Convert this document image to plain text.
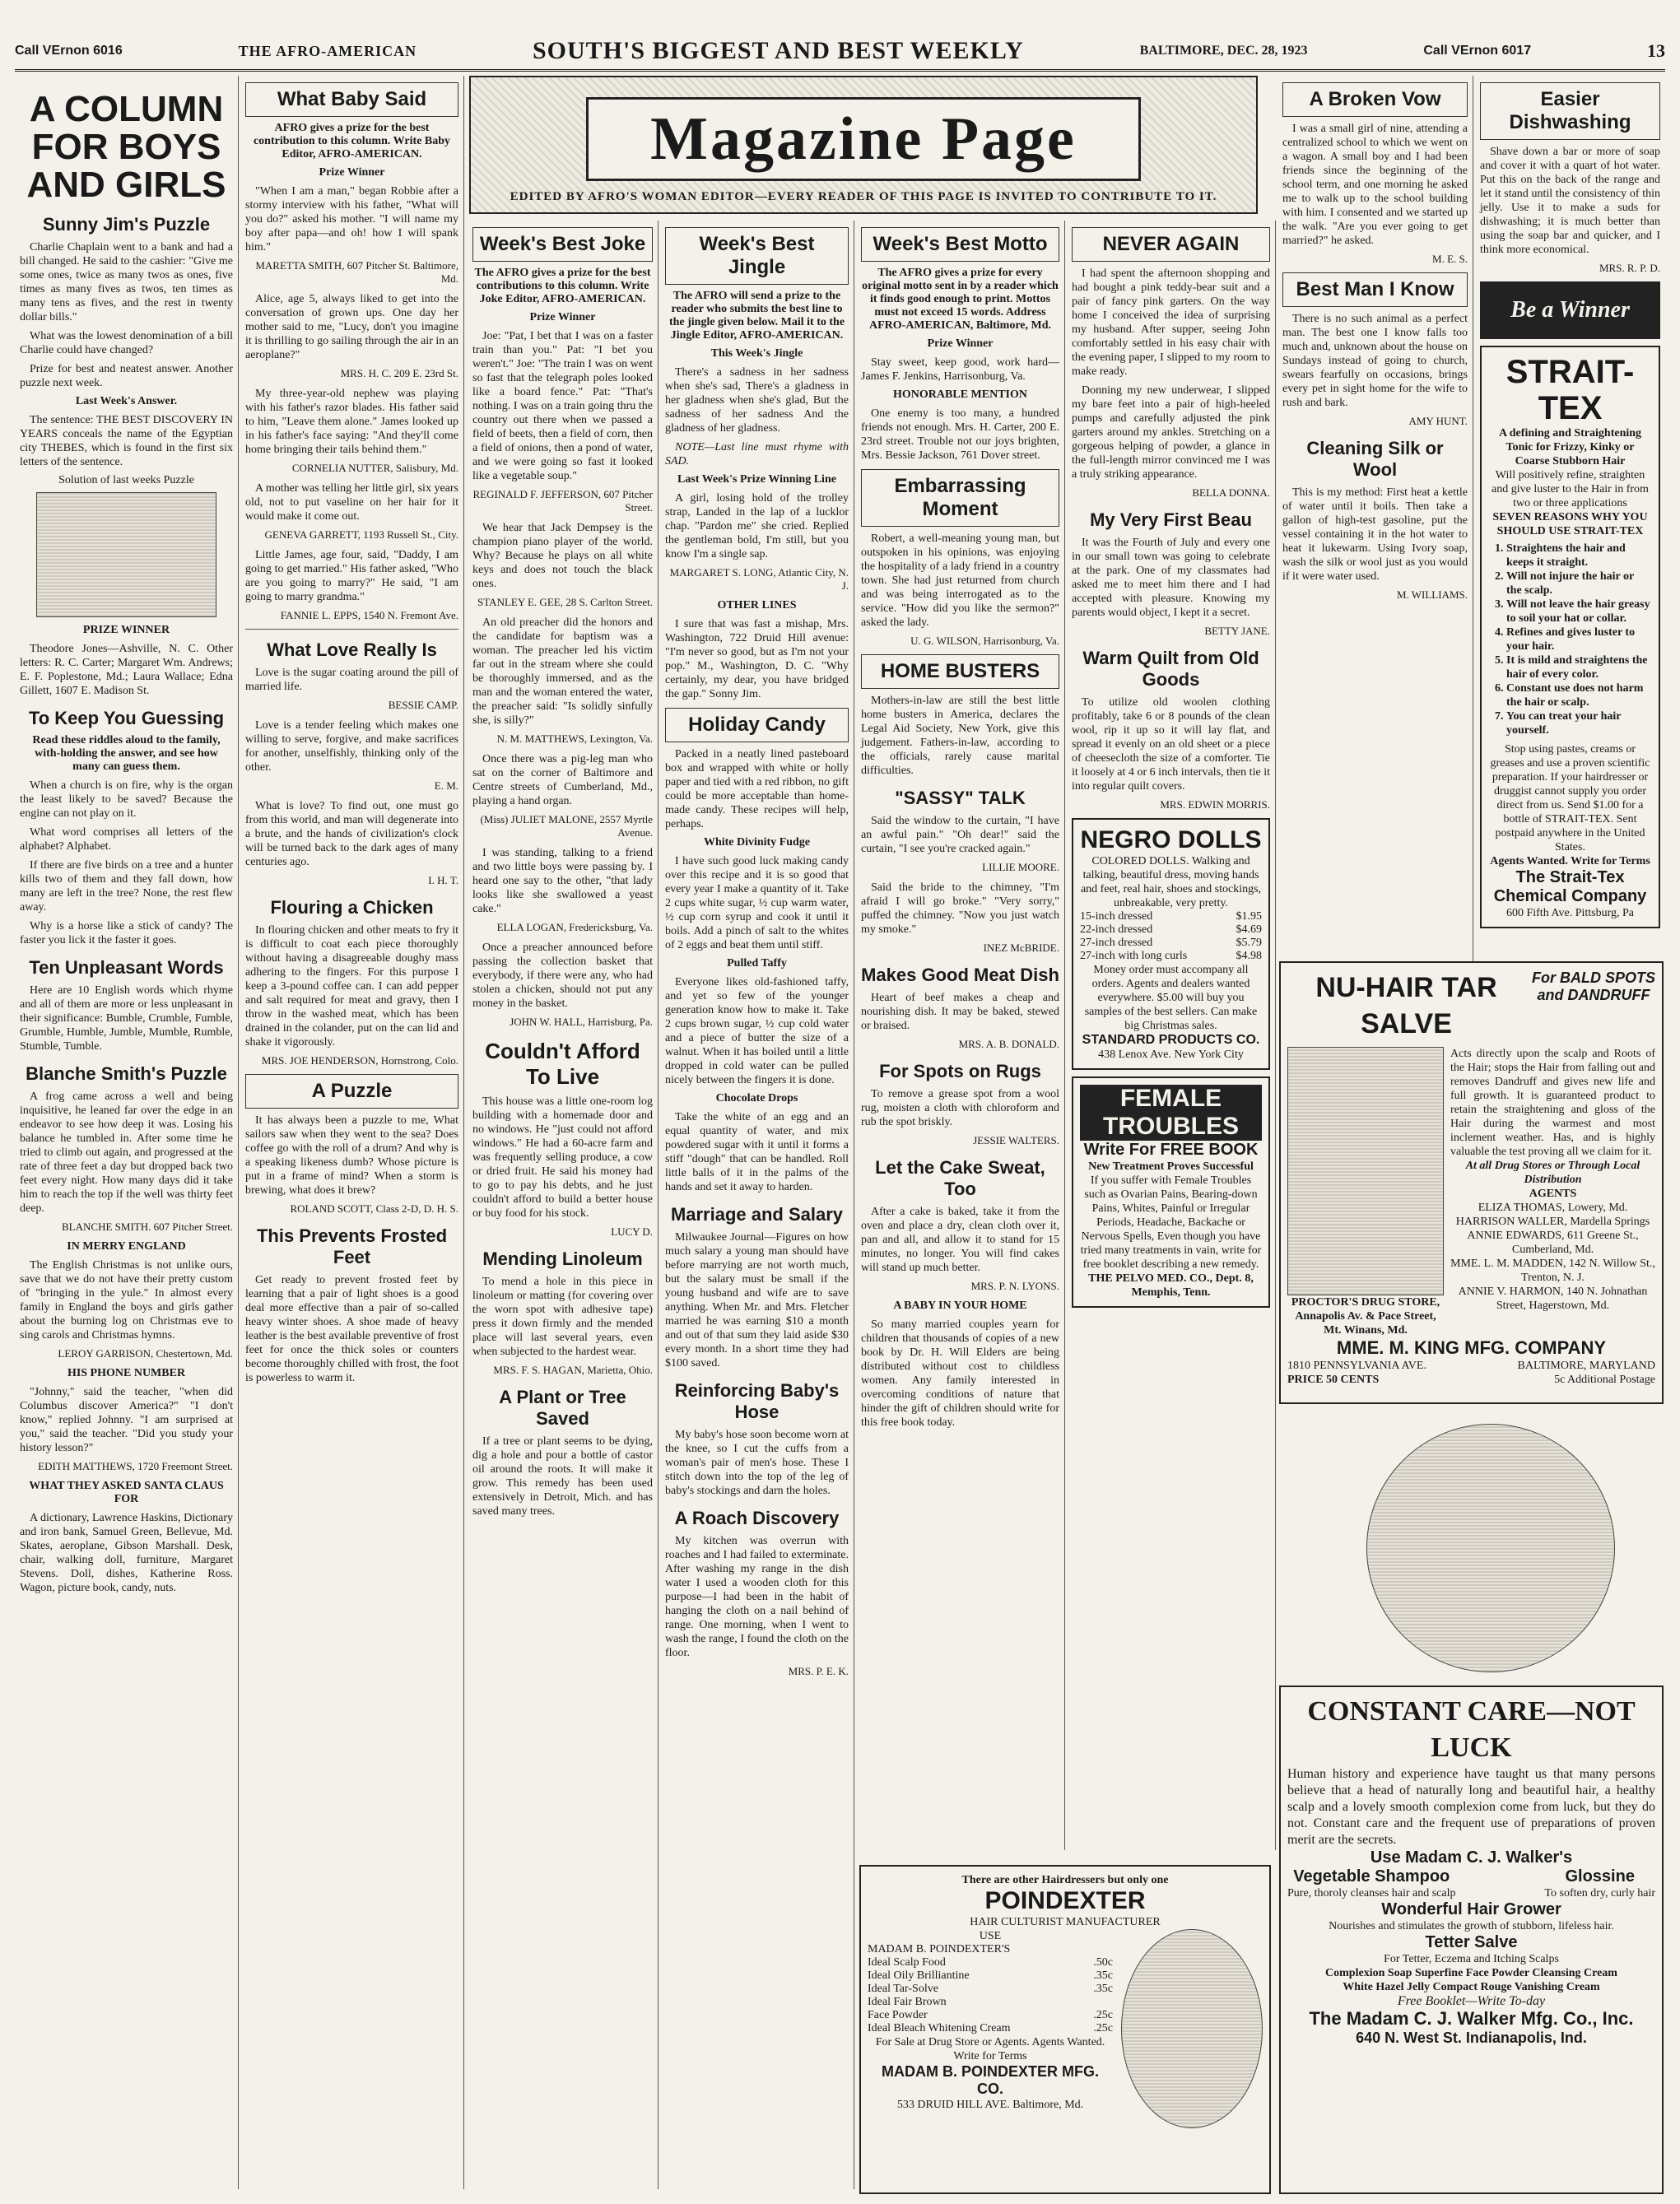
Call VErnon 6016	THE AFRO-AMERICAN	SOUTH'S BIGGEST AND BEST WEEKLY	BALTIMORE, DEC. 28, 1923	Call VErnon 6017	13
Magazine Page
EDITED BY AFRO'S WOMAN EDITOR—EVERY READER OF THIS PAGE IS INVITED TO CONTRIBUTE TO IT.
A COLUMN FOR BOYS AND GIRLS
Sunny Jim's Puzzle

Charlie Chaplain went to a bank and had a bill changed. He said to the cashier: "Give me some ones, twice as many twos as ones, five times as many fives as twos, ten times as many tens as fives, and the rest in twenty dollar bills."

What was the lowest denomination of a bill Charlie could have changed?

Prize for best and neatest answer. Another puzzle next week.

Last Week's Answer.

The sentence: THE BEST DISCOVERY IN YEARS conceals the name of the Egyptian city THEBES, which is found in the first six letters of the sentence.

Solution of last weeks Puzzle
PRIZE WINNER

Theodore Jones—Ashville, N. C. Other letters: R. C. Carter; Margaret Wm. Andrews; E. F. Poplestone, Md.; Laura Wallace; Edna Gillett, 1607 E. Madison St.

To Keep You Guessing
Read these riddles aloud to the family, with-holding the answer, and see how many can guess them.

When a church is on fire, why is the organ the least likely to be saved? Because the engine can not play on it.

What word comprises all letters of the alphabet? Alphabet.

If there are five birds on a tree and a hunter kills two of them and they fall down, how many are left in the tree? None, the rest flew away.

Why is a horse like a stick of candy? The faster you lick it the faster it goes.

Ten Unpleasant Words

Here are 10 English words which rhyme and all of them are more or less unpleasant in their significance: Bumble, Crumble, Fumble, Grumble, Humble, Jumble, Mumble, Rumble, Stumble, Tumble.

Blanche Smith's Puzzle

A frog came across a well and being inquisitive, he leaned far over the edge in an endeavor to see how deep it was. Losing his balance he tumbled in. After some time he tried to climb out again, and progressed at the rate of three feet a day but dropped back two feet every night. How many days did it take him to reach the top if the well was thirty feet deep.

BLANCHE SMITH. 607 Pitcher Street.
IN MERRY ENGLAND

The English Christmas is not unlike ours, save that we do not have their pretty custom of "bringing in the yule." In almost every family in England the boys and girls gather about the burning log on Christmas eve to sing carols and Christmas hymns.

LEROY GARRISON, Chestertown, Md.
HIS PHONE NUMBER

"Johnny," said the teacher, "when did Columbus discover America?" "I don't know," replied Johnny. "I am surprised at you," said the teacher. "Did you study your history lesson?"

EDITH MATTHEWS, 1720 Freemont Street.
WHAT THEY ASKED SANTA CLAUS FOR

A dictionary, Lawrence Haskins, Dictionary and iron bank, Samuel Green, Bellevue, Md. Skates, aeroplane, Gibson Marshall. Desk, chair, walking doll, furniture, Margaret Stevens. Doll, dishes, Katherine Ross. Wagon, picture book, candy, nuts.

What Baby Said
AFRO gives a prize for the best contribution to this column. Write Baby Editor, AFRO-AMERICAN.
Prize Winner

"When I am a man," began Robbie after a stormy interview with his father, "What will you do?" asked his mother. "I will name my boy after papa—and oh! how I will spank him."

MARETTA SMITH, 607 Pitcher St. Baltimore, Md.

Alice, age 5, always liked to get into the conversation of grown ups. One day her mother said to me, "Lucy, don't you imagine it is thrilling to go sailing through the air in an aeroplane?"

MRS. H. C. 209 E. 23rd St.

My three-year-old nephew was playing with his father's razor blades. His father said to him, "Leave them alone." James looked up in his father's face saying: "And they'll come home bringing their tails behind them."

CORNELIA NUTTER, Salisbury, Md.

A mother was telling her little girl, six years old, not to put vaseline on her hair for it would make it come out.

GENEVA GARRETT, 1193 Russell St., City.

Little James, age four, said, "Daddy, I am going to get married." His father asked, "Who are you going to marry?" He said, "I am going to marry grandma."

FANNIE L. EPPS, 1540 N. Fremont Ave.
What Love Really Is

Love is the sugar coating around the pill of married life.

BESSIE CAMP.

Love is a tender feeling which makes one willing to serve, forgive, and make sacrifices for another, unselfishly, thinking only of the other.

E. M.

What is love? To find out, one must go from this world, and man will degenerate into a brute, and the hands of civilization's clock will be turned back to the dark ages of many centuries ago.

I. H. T.
Flouring a Chicken

In flouring chicken and other meats to fry it is difficult to coat each piece thoroughly without having a disagreeable doughy mass adhering to the fingers. For this purpose I keep a 3-pound coffee can. I can add pepper and salt required for meat and gravy, then I throw in the washed meat, which has been drained in the colander, put on the can lid and shake it vigorously.

MRS. JOE HENDERSON, Hornstrong, Colo.
A Puzzle

It has always been a puzzle to me, What sailors saw when they went to the sea? Does coffee go with the roll of a drum? And why is a speaking likeness dumb? Whose picture is put in a frame of mind? When a storm is brewing, what does it brew?

ROLAND SCOTT, Class 2-D, D. H. S.
This Prevents Frosted Feet

Get ready to prevent frosted feet by learning that a pair of light shoes is a good deal more effective than a pair of so-called heavy winter shoes. A shoe made of heavy leather is the best available preventive of frost feet for once the thick soles or counters become thoroughly chilled with frost, the foot is powerless to warm it.

Week's Best Joke
The AFRO gives a prize for the best contributions to this column. Write Joke Editor, AFRO-AMERICAN.
Prize Winner

Joe: "Pat, I bet that I was on a faster train than you." Pat: "I bet you weren't." Joe: "The train I was on went so fast that the telegraph poles looked like a board fence." Pat: "That's nothing. I was on a train going thru the country out there when we passed a field of beets, then a field of corn, then a field of onions, then a pond of water, and we were going so fast it looked like a vegetable soup."

REGINALD F. JEFFERSON, 607 Pitcher Street.

We hear that Jack Dempsey is the champion piano player of the world. Why? Because he plays on all white keys and does not touch the black ones.

STANLEY E. GEE, 28 S. Carlton Street.

An old preacher did the honors and the candidate for baptism was a woman. The preacher led his victim far out in the stream where she could be thoroughly immersed, and as the man and the woman entered the water, the preacher said: "Is solidly sinfully she, is silly?"

N. M. MATTHEWS, Lexington, Va.

Once there was a pig-leg man who sat on the corner of Baltimore and Centre streets of Cumberland, Md., playing a hand organ.

(Miss) JULIET MALONE, 2557 Myrtle Avenue.

I was standing, talking to a friend and two little boys were passing by. I heard one say to the other, "that lady looks like she swallowed a yeast cake."

ELLA LOGAN, Fredericksburg, Va.

Once a preacher announced before passing the collection basket that everybody, if there were any, who had stolen a chicken, should not put any money in the basket.

JOHN W. HALL, Harrisburg, Pa.
Couldn't Afford To Live

This house was a little one-room log building with a homemade door and no windows. He "just could not afford windows." He had a 60-acre farm and was frequently selling produce, a cow or dried fruit. He said his money had to go to pay his debts, and he just couldn't afford to build a better house or buy food for his stock.

LUCY D.
Mending Linoleum

To mend a hole in this piece in linoleum or matting (for covering over the worn spot with adhesive tape) press it down firmly and the mended place will last several years, even when subjected to the hardest wear.

MRS. F. S. HAGAN, Marietta, Ohio.
A Plant or Tree Saved

If a tree or plant seems to be dying, dig a hole and pour a bottle of castor oil around the roots. It will make it grow. This remedy has been used extensively in Detroit, Mich. and has saved many trees.

Week's Best Jingle
The AFRO will send a prize to the reader who submits the best line to the jingle given below. Mail it to the Jingle Editor, AFRO-AMERICAN.
This Week's Jingle

There's a sadness in her sadness when she's sad, There's a gladness in her gladness when she's glad, But the sadness of her sadness And the gladness of her gladness.

NOTE—Last line must rhyme with SAD.

Last Week's Prize Winning Line

A girl, losing hold of the trolley strap, Landed in the lap of a lucklor chap. "Pardon me" she cried. Replied the gentleman bold, I'm still, but you know I'm a single sap.

MARGARET S. LONG, Atlantic City, N. J.
OTHER LINES

I sure that was fast a mishap, Mrs. Washington, 722 Druid Hill avenue: "I'm never so good, but as I'm not your pop." M., Washington, D. C. "Why certainly, my dear, you have bridged the gap." Sonny Jim.

Holiday Candy

Packed in a neatly lined pasteboard box and wrapped with white or holly paper and tied with a red ribbon, no gift could be more acceptable than home-made candy. These recipes will help, perhaps.

White Divinity Fudge

I have such good luck making candy over this recipe and it is so good that every year I make a quantity of it. Take 2 cups white sugar, ½ cup warm water, ½ cup corn syrup and cook it until it boils. Add a pinch of salt to the whites of 2 eggs and beat them until stiff.

Pulled Taffy

Everyone likes old-fashioned taffy, and yet so few of the younger generation know how to make it. Take 2 cups brown sugar, ½ cup cold water and a piece of butter the size of a walnut. When it has boiled until a little dropped in cold water can be pulled nicely between the fingers it is done.

Chocolate Drops

Take the white of an egg and an equal quantity of water, and mix powdered sugar with it until it forms a stiff "dough" that can be handled. Roll little balls of it in the palms of the hands and set it away to harden.

Marriage and Salary

Milwaukee Journal—Figures on how much salary a young man should have before marrying are not worth much, but the salary must be small if the young husband and wife are to save anything. When Mr. and Mrs. Fletcher married he was earning $10 a month and out of that sum they laid aside $30 every month. In a short time they had $100 saved.

Reinforcing Baby's Hose

My baby's hose soon become worn at the knee, so I cut the cuffs from a woman's pair of men's hose. These I stitch down into the top of the leg of baby's stockings and darn the holes.

A Roach Discovery

My kitchen was overrun with roaches and I had failed to exterminate. After washing my range in the dish water I used a wooden cloth for this purpose—I had been in the habit of hanging the cloth on a nail behind of range. One morning, when I went to wash the range, I found the cloth on the floor.

MRS. P. E. K.
Week's Best Motto
The AFRO gives a prize for every original motto sent in by a reader which it finds good enough to print. Mottos must not exceed 15 words. Address AFRO-AMERICAN, Baltimore, Md.
Prize Winner

Stay sweet, keep good, work hard—James F. Jenkins, Harrisonburg, Va.

HONORABLE MENTION

One enemy is too many, a hundred friends not enough. Mrs. H. Carter, 200 E. 23rd street. Trouble not our joys brighten, Mrs. Bessie Jackson, 761 Dover street.

Embarrassing Moment

Robert, a well-meaning young man, but outspoken in his opinions, was enjoying the hospitality of a lady friend in a country town. She had just returned from church and was being interrogated as to the service. "How did you like the sermon?" asked the lady.

U. G. WILSON, Harrisonburg, Va.
HOME BUSTERS

Mothers-in-law are still the best little home busters in America, declares the Legal Aid Society, New York, give this judgement. Fathers-in-law, according to the officials, rarely cause marital difficulties.

"SASSY" TALK

Said the window to the curtain, "I have an awful pain." "Oh dear!" said the curtain, "I see you're cracked again."

LILLIE MOORE.

Said the bride to the chimney, "I'm afraid I will go broke." "Very sorry," puffed the chimney. "Now you just watch my smoke."

INEZ McBRIDE.
Makes Good Meat Dish

Heart of beef makes a cheap and nourishing dish. It may be baked, stewed or braised.

MRS. A. B. DONALD.
For Spots on Rugs

To remove a grease spot from a wool rug, moisten a cloth with chloroform and rub the spot briskly.

JESSIE WALTERS.
Let the Cake Sweat, Too

After a cake is baked, take it from the oven and place a dry, clean cloth over it, pan and all, and allow it to stand for 15 minutes, no longer. You will find cakes will stand up much better.

MRS. P. N. LYONS.
A BABY IN YOUR HOME

So many married couples yearn for children that thousands of copies of a new book by Dr. H. Will Elders are being distributed without cost to childless women. Any family interested in overcoming conditions of nature that hinder the gift of children should write for this free book today.

NEVER AGAIN

I had spent the afternoon shopping and had bought a pink teddy-bear suit and a pair of fancy pink garters. On the way home I conceived the idea of surprising my husband. After supper, seeing John comfortably settled in his easy chair with the evening paper, I slipped to my room to make ready.

Donning my new underwear, I slipped my bare feet into a pair of high-heeled pumps and carefully adjusted the pink garters around my ankles. Stretching on a gorgeous helping of powder, a glance in the full-length mirror convinced me I was a truly striking appearance.

BELLA DONNA.
My Very First Beau

It was the Fourth of July and every one in our small town was going to celebrate at the park. One of my classmates had asked me to meet him there and I had accepted with pleasure. Knowing my parents would object, I kept it a secret.

BETTY JANE.
Warm Quilt from Old Goods

To utilize old woolen clothing profitably, take 6 or 8 pounds of the clean wool, rip it up so it will lay flat, and spread it evenly on an old sheet or a piece of cheesecloth the size of a comforter. Tie it loosely at 4 or 6 inch intervals, then tie it into regular quilt covers.

MRS. EDWIN MORRIS.
NEGRO DOLLS
COLORED DOLLS. Walking and talking, beautiful dress, moving hands and feet, real hair, shoes and stockings, unbreakable, very pretty.
15-inch dressed	$1.95
22-inch dressed	$4.69
27-inch dressed	$5.79
27-inch with long curls	$4.98
Money order must accompany all orders. Agents and dealers wanted everywhere. $5.00 will buy you samples of the best sellers. Can make big Christmas sales.
STANDARD PRODUCTS CO.
438 Lenox Ave. New York City
FEMALE TROUBLES
Write For FREE BOOK
New Treatment Proves Successful
If you suffer with Female Troubles such as Ovarian Pains, Bearing-down Pains, Whites, Painful or Irregular Periods, Headache, Backache or Nervous Spells, Even though you have tried many treatments in vain, write for free booklet describing a new remedy.
THE PELVO MED. CO., Dept. 8, Memphis, Tenn.
A Broken Vow

I was a small girl of nine, attending a centralized school to which we went on a wagon. A small boy and I had been friends since the beginning of the school term, and one morning he asked me to walk up to the school building with him. I consented and we started up the walk. "Are you ever going to get married?" he asked.

M. E. S.
Best Man I Know

There is no such animal as a perfect man. The best one I know falls too much and, unknown about the house on Sundays instead of going to church, swears fearfully on occasions, brings every pet in sight home for the wife to rush and bark.

AMY HUNT.
Cleaning Silk or Wool

This is my method: First heat a kettle of water until it boils. Then take a gallon of high-test gasoline, put the vessel containing it in the hot water to heat it lukewarm. Using Ivory soap, wash the silk or wool just as you would if it were water used.

M. WILLIAMS.
There are other Hairdressers but only one
POINDEXTER
HAIR CULTURIST MANUFACTURER
USE
MADAM B. POINDEXTER'S
Ideal Scalp Food	.50c
Ideal Oily Brilliantine	.35c
Ideal Tar-Solve	.35c
Ideal Fair Brown
Face Powder	.25c
Ideal Bleach Whitening Cream	.25c
For Sale at Drug Store or Agents. Agents Wanted. Write for Terms
MADAM B. POINDEXTER MFG. CO.
533 DRUID HILL AVE. Baltimore, Md.
Easier Dishwashing

Shave down a bar or more of soap and cover it with a quart of hot water. Put this on the back of the range and let it stand until the consistency of thin jelly. Use it to make a suds for dishwashing; it is much better than using the soap bar and quicker, and I think more economical.

MRS. R. P. D.
Be a Winner
STRAIT-TEX
A defining and Straightening Tonic for Frizzy, Kinky or Coarse Stubborn Hair
Will positively refine, straighten and give luster to the Hair in from two or three applications
SEVEN REASONS WHY YOU SHOULD USE STRAIT-TEX
1. Straightens the hair and keeps it straight.
2. Will not injure the hair or the scalp.
3. Will not leave the hair greasy to soil your hat or collar.
4. Refines and gives luster to your hair.
5. It is mild and straightens the hair of every color.
6. Constant use does not harm the hair or scalp.
7. You can treat your hair yourself.
Stop using pastes, creams or greases and use a proven scientific preparation. If your hairdresser or druggist cannot supply you order direct from us. Send $1.00 for a bottle of STRAIT-TEX. Sent postpaid anywhere in the United States.
Agents Wanted. Write for Terms
The Strait-Tex Chemical Company
600 Fifth Ave. Pittsburg, Pa
NU-HAIR TAR SALVE
For BALD SPOTS and DANDRUFF
PROCTOR'S DRUG STORE, Annapolis Av. & Pace Street, Mt. Winans, Md.
Acts directly upon the scalp and Roots of the Hair; stops the Hair from falling out and removes Dandruff and gives new life and full growth. It is guaranteed product to retain the straightening and gloss of the Hair during the warmest and most inclement weather. Has, and is highly valuable the test proving all we claim for it.
At all Drug Stores or Through Local Distribution
AGENTS
ELIZA THOMAS, Lowery, Md.
HARRISON WALLER, Mardella Springs
ANNIE EDWARDS, 611 Greene St., Cumberland, Md.
MME. L. M. MADDEN, 142 N. Willow St., Trenton, N. J.
ANNIE V. HARMON, 140 N. Johnathan Street, Hagerstown, Md.
MME. M. KING MFG. COMPANY
1810 PENNSYLVANIA AVE.	BALTIMORE, MARYLAND
PRICE 50 CENTS	5c Additional Postage
CONSTANT CARE—NOT LUCK
Human history and experience have taught us that many persons believe that a head of naturally long and beautiful hair, a healthy scalp and a lovely smooth complexion come from luck, but they do not. Constant care and the frequent use of preparations of proven merit are the secrets.
Use Madam C. J. Walker's
Vegetable Shampoo
Pure, thoroly cleanses hair and scalp
Glossine
To soften dry, curly hair
Wonderful Hair Grower
Nourishes and stimulates the growth of stubborn, lifeless hair.
Tetter Salve
For Tetter, Eczema and Itching Scalps
Complexion Soap Superfine Face Powder Cleansing Cream
White Hazel Jelly Compact Rouge Vanishing Cream
Free Booklet—Write To-day
The Madam C. J. Walker Mfg. Co., Inc.
640 N. West St. Indianapolis, Ind.
